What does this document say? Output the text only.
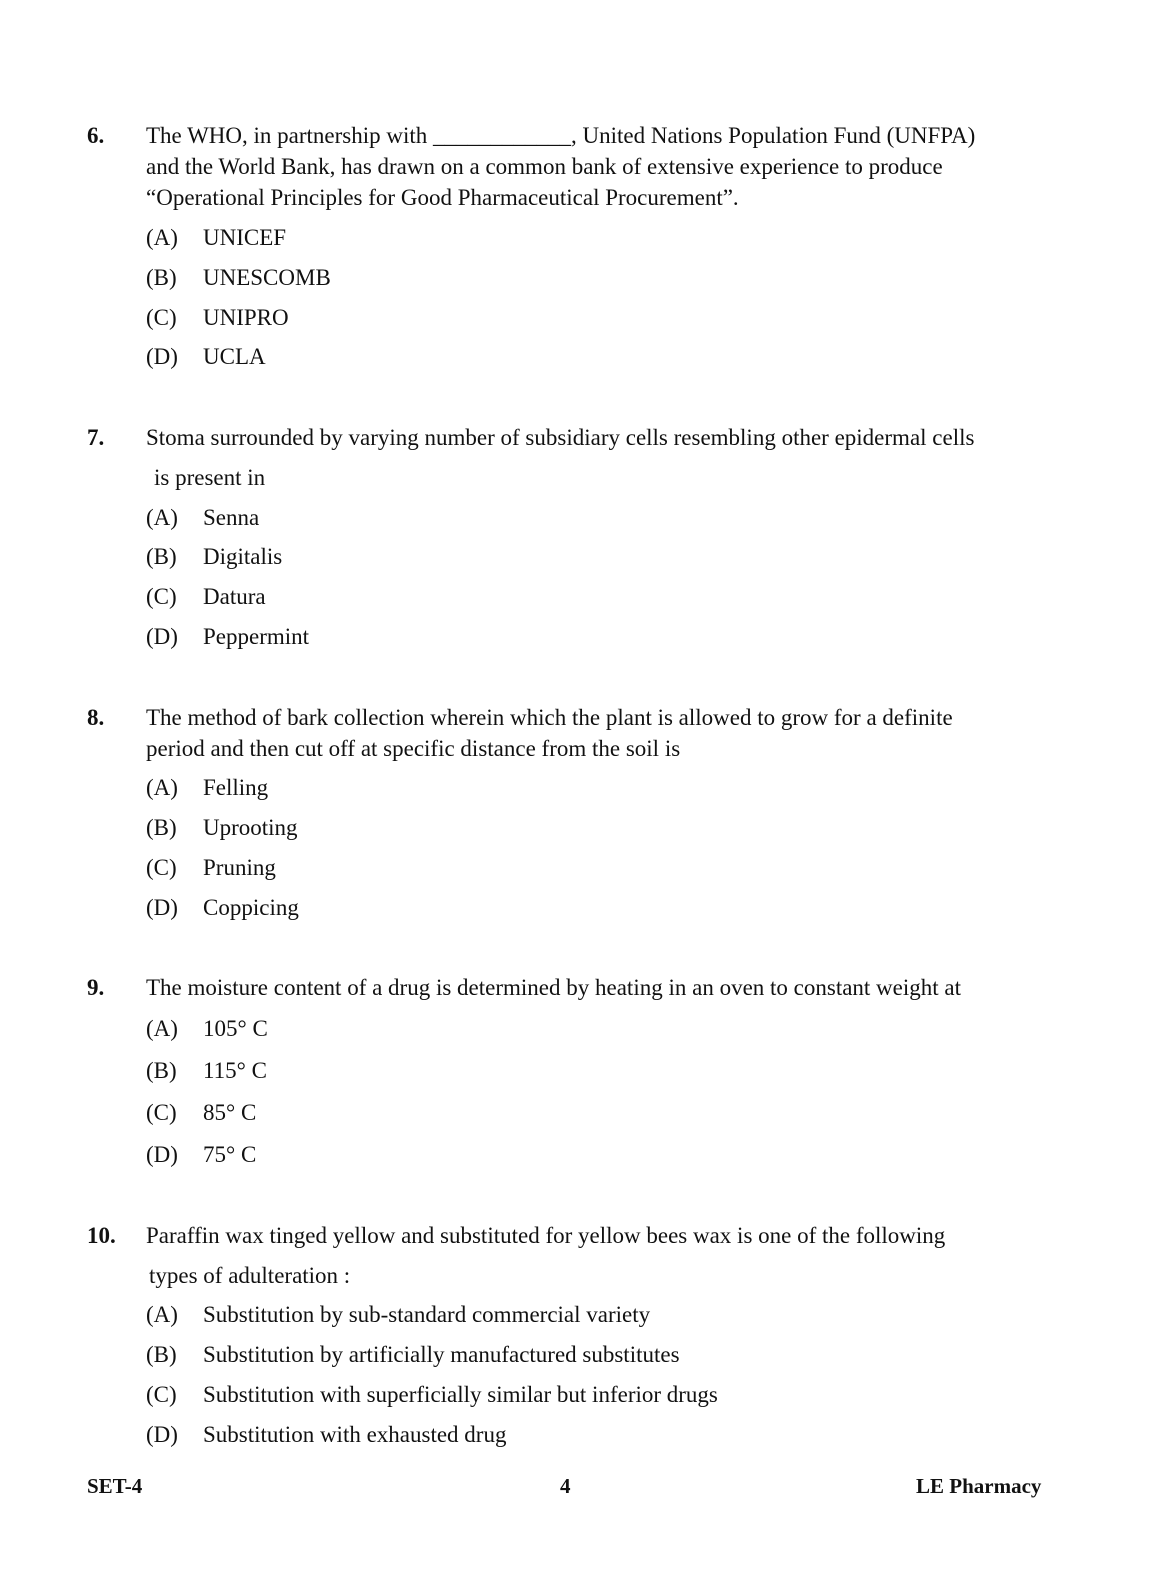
6. The WHO, in partnership with ____________, United Nations Population Fund (UNFPA)
and the World Bank, has drawn on a common bank of extensive experience to produce
“Operational Principles for Good Pharmaceutical Procurement”.
(A) UNICEF
(B) UNESCOMB
(C) UNIPRO
(D) UCLA
7. Stoma surrounded by varying number of subsidiary cells resembling other epidermal cells
is present in
(A) Senna
(B) Digitalis
(C) Datura
(D) Peppermint
8. The method of bark collection wherein which the plant is allowed to grow for a definite
period and then cut off at specific distance from the soil is
(A) Felling
(B) Uprooting
(C) Pruning
(D) Coppicing
9. The moisture content of a drug is determined by heating in an oven to constant weight at
(A) 105° C
(B) 115° C
(C) 85° C
(D) 75° C
10. Paraffin wax tinged yellow and substituted for yellow bees wax is one of the following
types of adulteration :
(A) Substitution by sub-standard commercial variety
(B) Substitution by artificially manufactured substitutes
(C) Substitution with superficially similar but inferior drugs
(D) Substitution with exhausted drug
SET-4	4	LE Pharmacy
